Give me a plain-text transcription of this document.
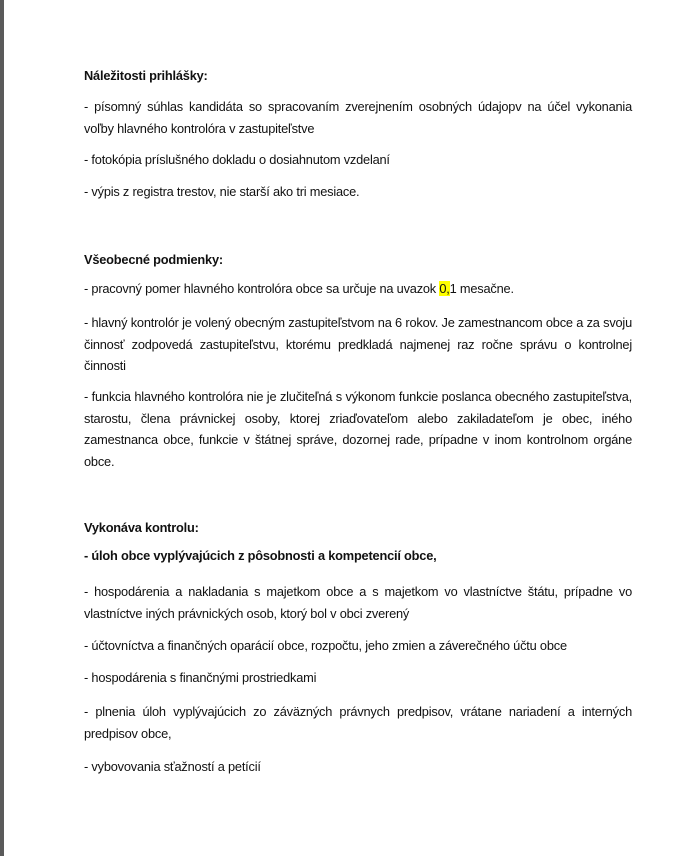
Náležitosti prihlášky:

- písomný súhlas kandidáta so spracovaním zverejnením osobných údajopv na účel vykonania voľby hlavného kontrolóra v zastupiteľstve

- fotokópia príslušného dokladu o dosiahnutom vzdelaní

- výpis z registra trestov, nie starší ako tri mesiace.

Všeobecné podmienky:

- pracovný pomer hlavného kontrolóra obce sa určuje na uvazok 0,1 mesačne.

- hlavný kontrolór je volený obecným zastupiteľstvom na 6 rokov. Je zamestnancom obce a za svoju činnosť zodpovedá zastupiteľstvu, ktorému predkladá najmenej raz ročne správu o kontrolnej činnosti

- funkcia hlavného kontrolóra nie je zlučiteľná s výkonom funkcie poslanca obecného zastupiteľstva, starostu, člena právnickej osoby, ktorej zriaďovateľom alebo zakiladateľom je obec, iného zamestnanca obce, funkcie v štátnej správe, dozornej rade, prípadne v inom kontrolnom orgáne obce.

Vykonáva kontrolu:

- úloh obce vyplývajúcich z pôsobnosti a kompetencií obce,

- hospodárenia a nakladania s majetkom obce a s majetkom vo vlastníctve štátu, prípadne vo vlastníctve iných právnických osob, ktorý bol v obci zverený

- účtovníctva a finančných oparácií obce, rozpočtu, jeho zmien a záverečného účtu obce

- hospodárenia s finančnými prostriedkami

- plnenia úloh vyplývajúcich zo záväzných právnych predpisov, vrátane nariadení a interných predpisov obce,

- vybovovania sťažností a petícií
